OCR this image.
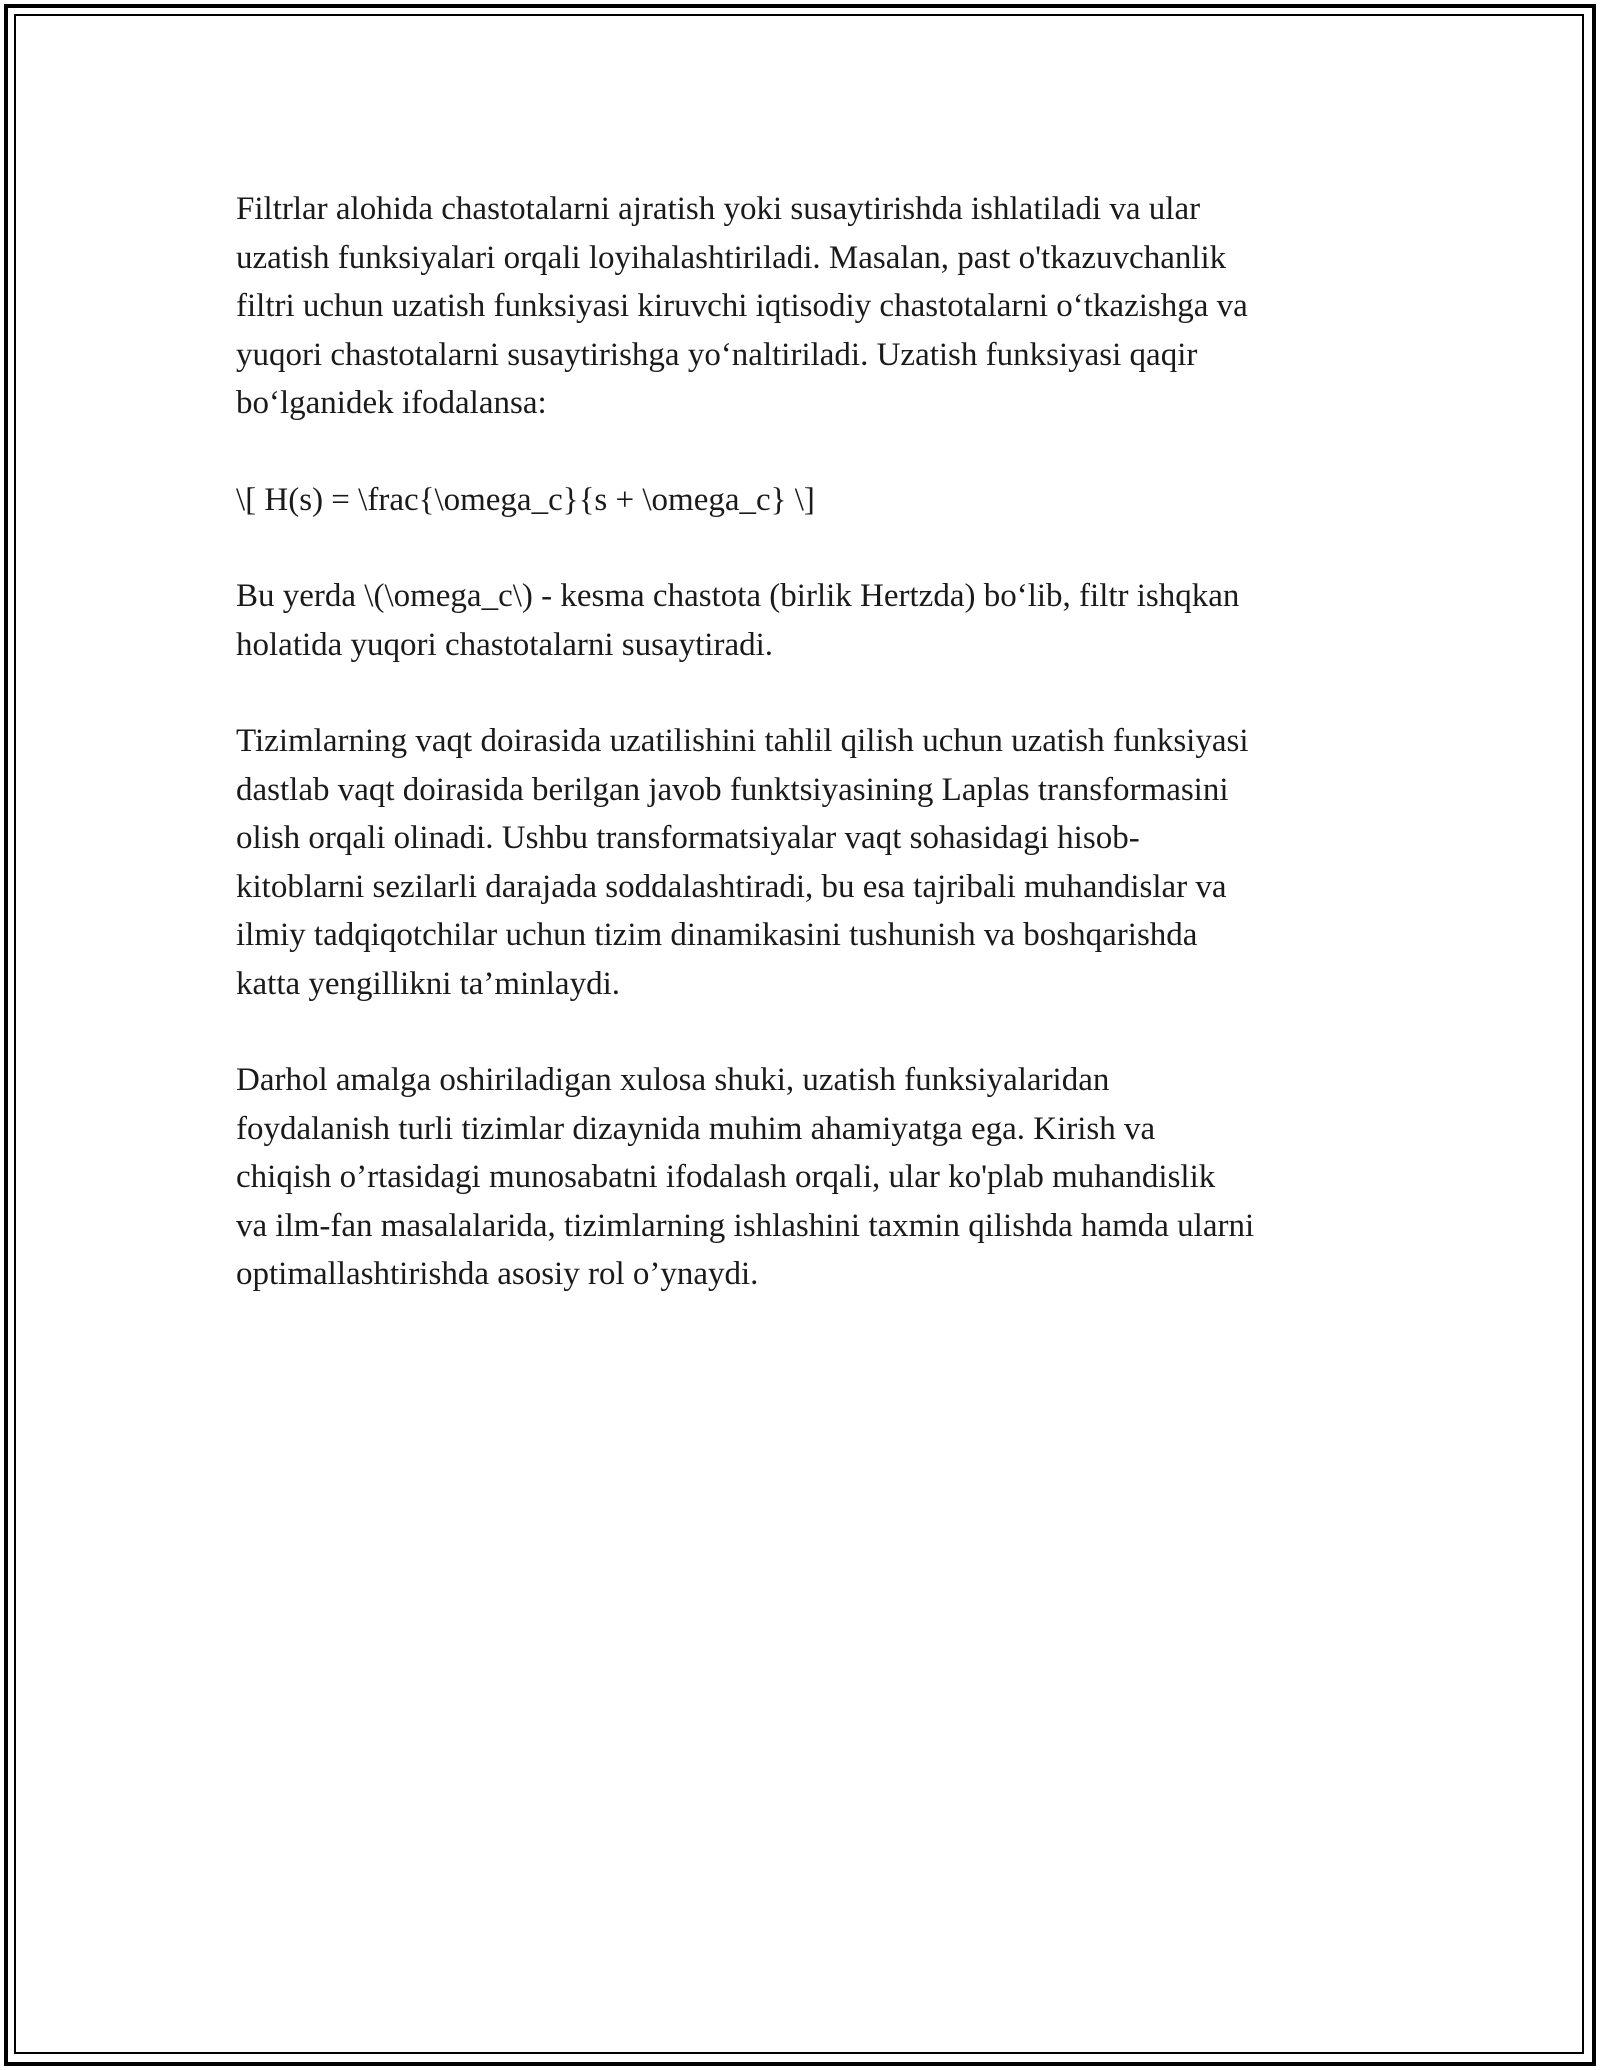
Filtrlar alohida chastotalarni ajratish yoki susaytirishda ishlatiladi va ular
uzatish funksiyalari orqali loyihalashtiriladi. Masalan, past o'tkazuvchanlik
filtri uchun uzatish funksiyasi kiruvchi iqtisodiy chastotalarni o‘tkazishga va
yuqori chastotalarni susaytirishga yo‘naltiriladi. Uzatish funksiyasi qaqir
bo‘lganidek ifodalansa:

\[ H(s) = \frac{\omega_c}{s + \omega_c} \]

Bu yerda \(\omega_c\) - kesma chastota (birlik Hertzda) bo‘lib, filtr ishqkan
holatida yuqori chastotalarni susaytiradi.

Tizimlarning vaqt doirasida uzatilishini tahlil qilish uchun uzatish funksiyasi
dastlab vaqt doirasida berilgan javob funktsiyasining Laplas transformasini
olish orqali olinadi. Ushbu transformatsiyalar vaqt sohasidagi hisob-
kitoblarni sezilarli darajada soddalashtiradi, bu esa tajribali muhandislar va
ilmiy tadqiqotchilar uchun tizim dinamikasini tushunish va boshqarishda
katta yengillikni ta’minlaydi.

Darhol amalga oshiriladigan xulosa shuki, uzatish funksiyalaridan
foydalanish turli tizimlar dizaynida muhim ahamiyatga ega. Kirish va
chiqish o’rtasidagi munosabatni ifodalash orqali, ular ko'plab muhandislik
va ilm-fan masalalarida, tizimlarning ishlashini taxmin qilishda hamda ularni
optimallashtirishda asosiy rol o’ynaydi.
